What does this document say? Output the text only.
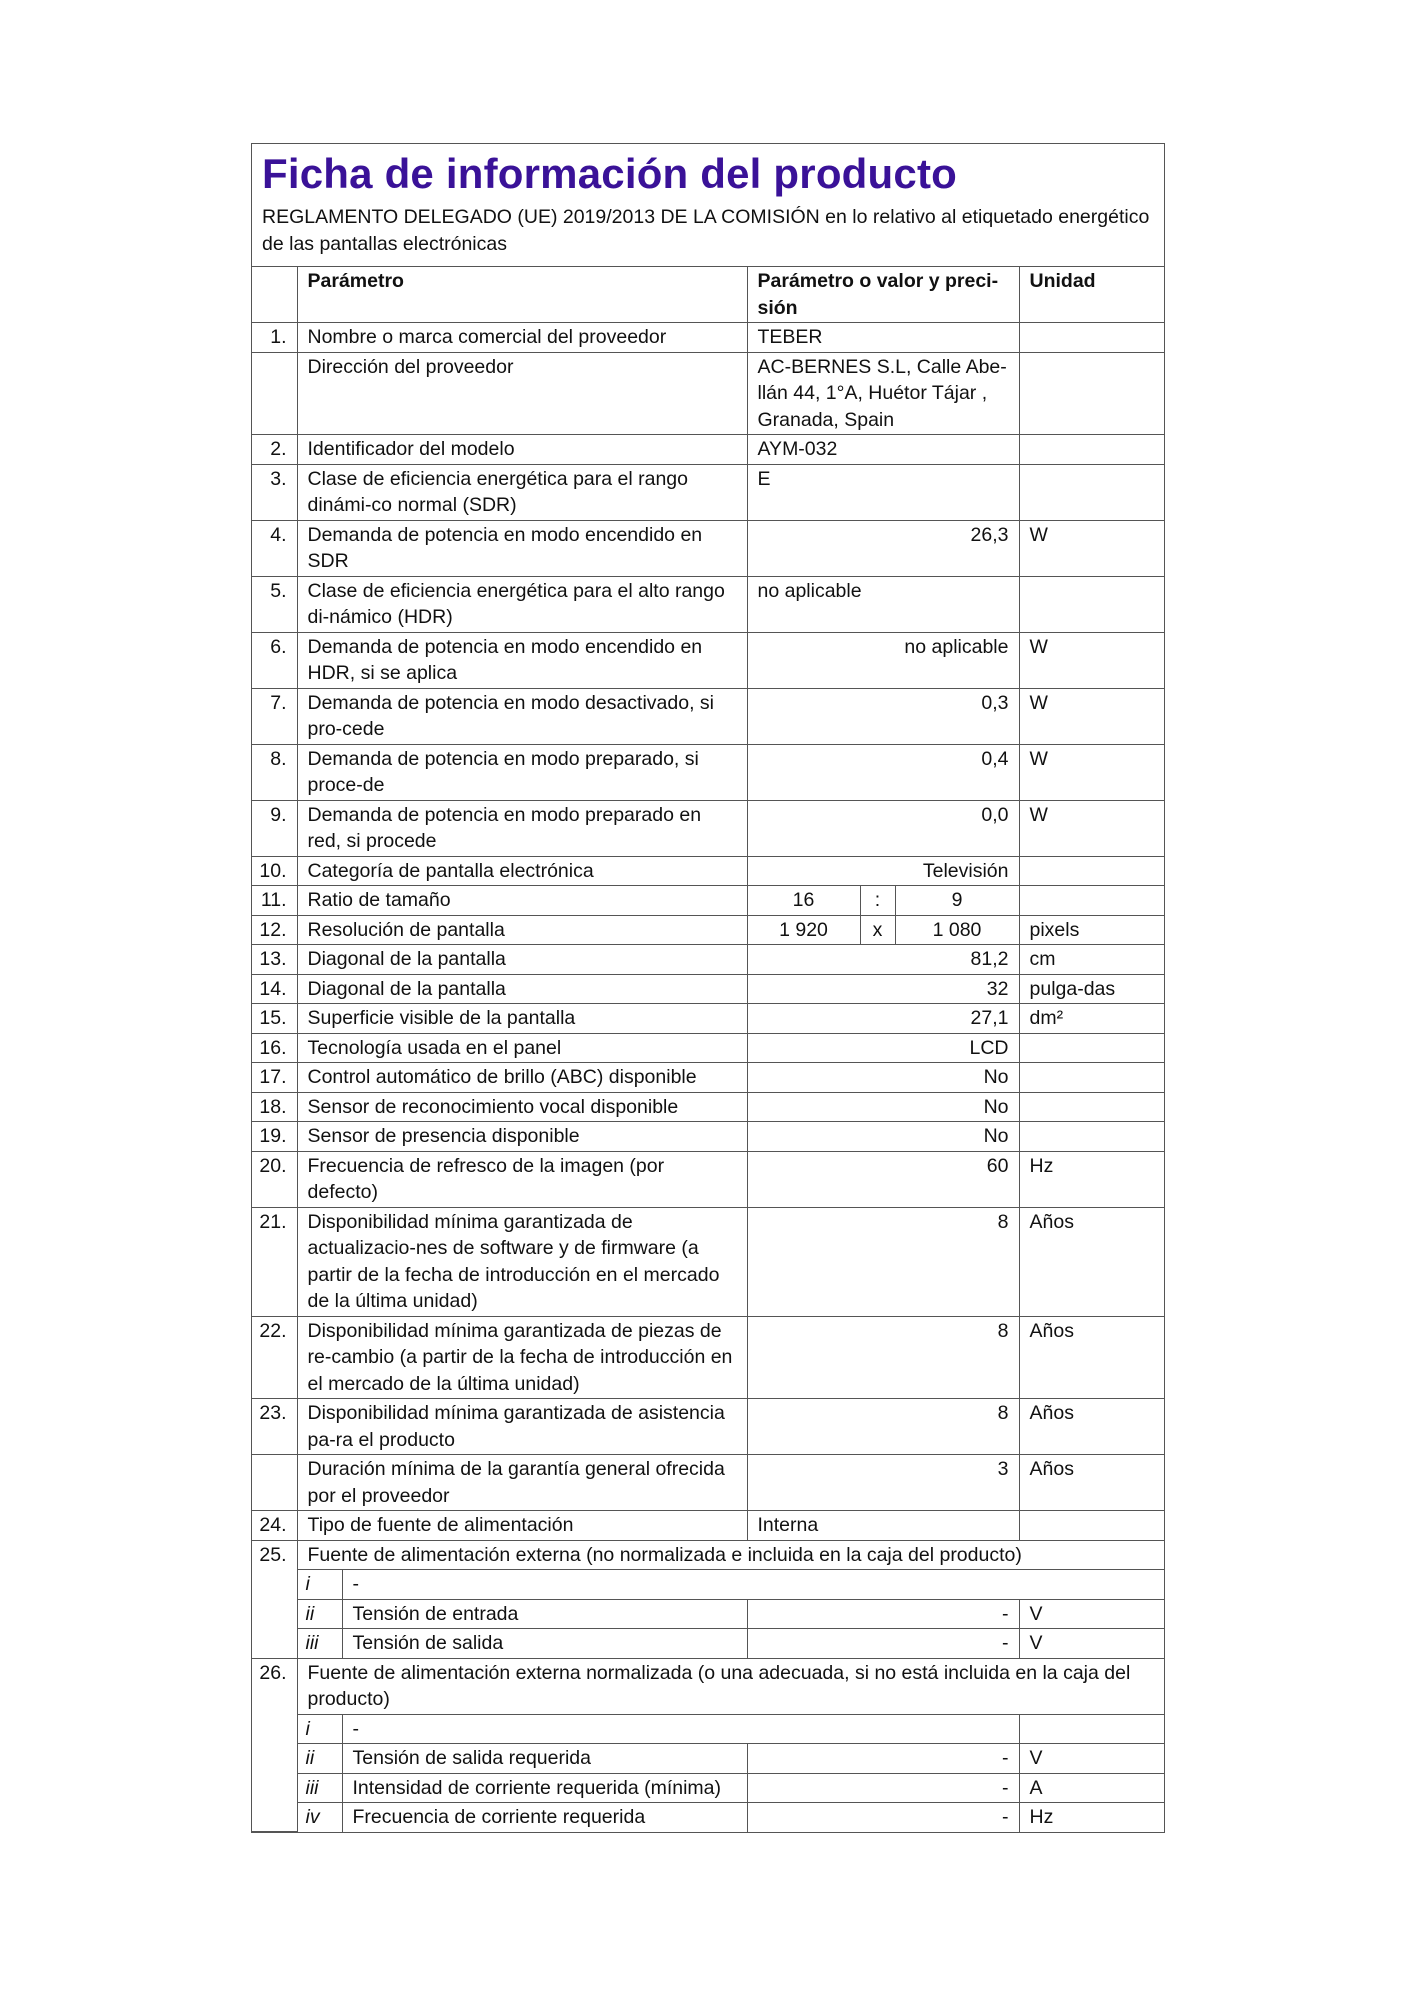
Ficha de información del producto
REGLAMENTO DELEGADO (UE) 2019/2013 DE LA COMISIÓN en lo relativo al etiquetado energético de las pantallas electrónicas
	Parámetro		Parámetro o valor y preci-sión			Unidad
1.	Nombre o marca comercial del proveedor		TEBER			
	Dirección del proveedor		AC-BERNES S.L, Calle Abe-llán 44, 1°A, Huétor Tájar , Granada, Spain			
2.	Identificador del modelo		AYM-032			
3.	Clase de eficiencia energética para el rango dinámi-co normal (SDR)		E			
4.	Demanda de potencia en modo encendido en SDR		26,3			W
5.	Clase de eficiencia energética para el alto rango di-námico (HDR)		no aplicable			
6.	Demanda de potencia en modo encendido en HDR, si se aplica		no aplicable			W
7.	Demanda de potencia en modo desactivado, si pro-cede		0,3			W
8.	Demanda de potencia en modo preparado, si proce-de		0,4			W
9.	Demanda de potencia en modo preparado en red, si procede		0,0			W
10.	Categoría de pantalla electrónica		Televisión			
11.	Ratio de tamaño		16	:	9	
12.	Resolución de pantalla		1 920	x	1 080	pixels
13.	Diagonal de la pantalla		81,2			cm
14.	Diagonal de la pantalla		32			pulga-das
15.	Superficie visible de la pantalla		27,1			dm²
16.	Tecnología usada en el panel		LCD			
17.	Control automático de brillo (ABC) disponible		No			
18.	Sensor de reconocimiento vocal disponible		No			
19.	Sensor de presencia disponible		No			
20.	Frecuencia de refresco de la imagen (por defecto)		60			Hz
21.	Disponibilidad mínima garantizada de actualizacio-nes de software y de firmware (a partir de la fecha de introducción en el mercado de la última unidad)		8			Años
22.	Disponibilidad mínima garantizada de piezas de re-cambio (a partir de la fecha de introducción en el mercado de la última unidad)		8			Años
23.	Disponibilidad mínima garantizada de asistencia pa-ra el producto		8			Años
	Duración mínima de la garantía general ofrecida por el proveedor		3			Años
24.	Tipo de fuente de alimentación		Interna			
25.	Fuente de alimentación externa (no normalizada e incluida en la caja del producto)					
	i	-				
	ii	Tensión de entrada	-			V
	iii	Tensión de salida	-			V
26.	Fuente de alimentación externa normalizada (o una adecuada, si no está incluida en la caja del producto)					
	i	-				
	ii	Tensión de salida requerida	-			V
	iii	Intensidad de corriente requerida (mínima)	-			A
	iv	Frecuencia de corriente requerida	-			Hz
